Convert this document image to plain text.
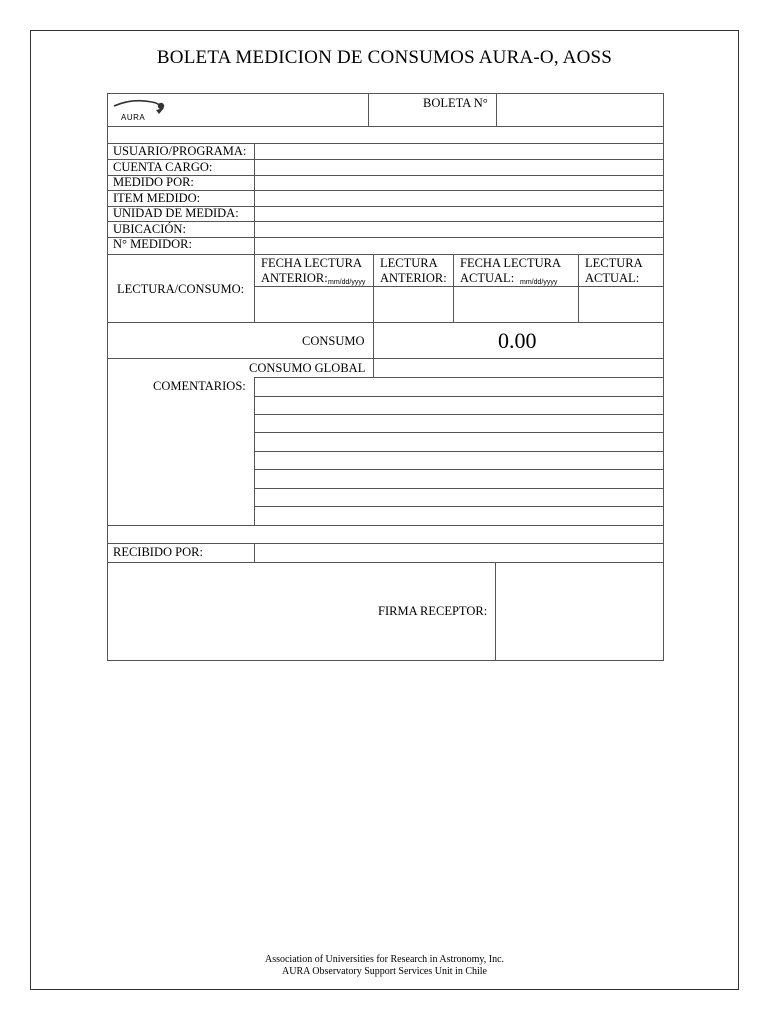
BOLETA MEDICION DE CONSUMOS AURA-O, AOSS
AURA
BOLETA N°
USUARIO/PROGRAMA:
CUENTA CARGO:
MEDIDO POR:
ITEM MEDIDO:
UNIDAD DE MEDIDA:
UBICACIÓN:
N° MEDIDOR:
LECTURA/CONSUMO:
FECHA LECTURA
ANTERIOR: mm/dd/yyyy
LECTURA
ANTERIOR:
FECHA LECTURA
ACTUAL: mm/dd/yyyy
LECTURA
ACTUAL:
CONSUMO	0.00
CONSUMO GLOBAL
COMENTARIOS:
RECIBIDO POR:
FIRMA RECEPTOR:
Association of Universities for Research in Astronomy, Inc.
AURA Observatory Support Services Unit in Chile
